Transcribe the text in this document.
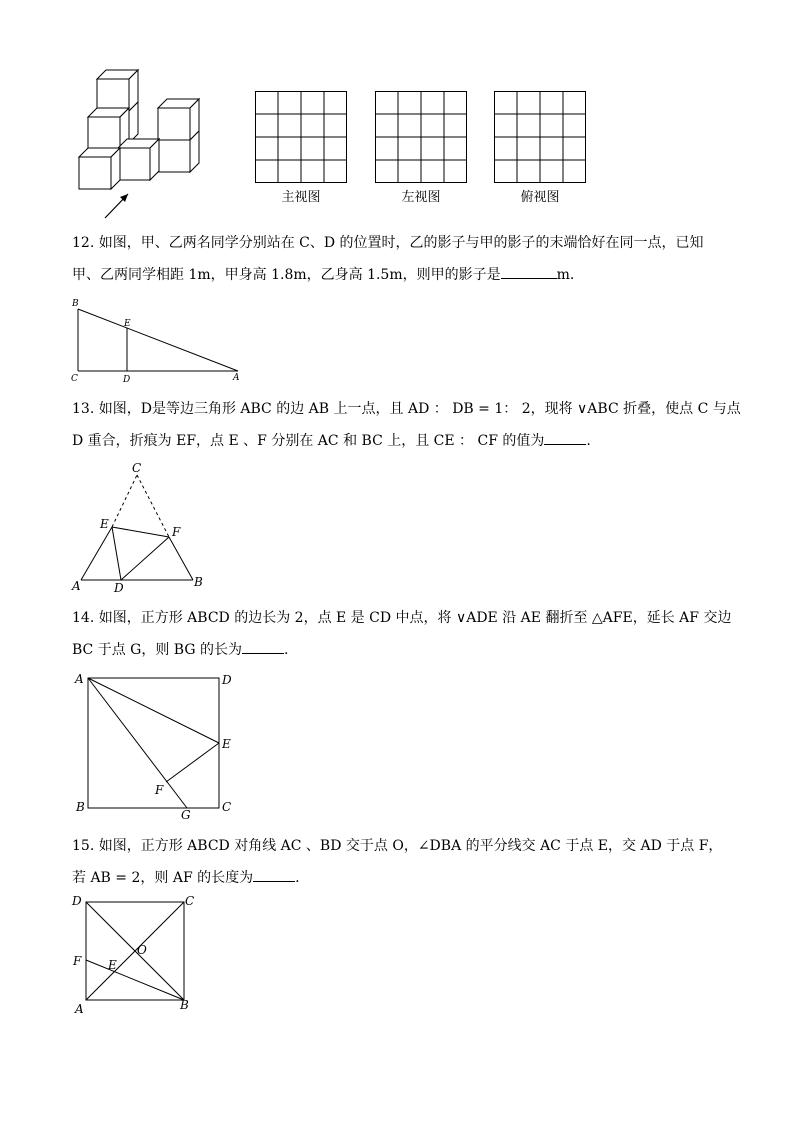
主视图	左视图	俯视图
12. 如图，甲、乙两名同学分别站在 C、D 的位置时，乙的影子与甲的影子的末端恰好在同一点，已知
甲、乙两同学相距 1m，甲身高 1.8m，乙身高 1.5m，则甲的影子是	m.
B
E
C	D	A
13. 如图，D是等边三角形 ABC 的边 AB 上一点，且 AD ： DB = 1： 2，现将 ∨ABC 折叠，使点 C 与点
D 重合，折痕为 EF，点 E 、F 分别在 AC 和 BC 上，且 CE ： CF 的值为	.
C
E
F
A	D	B
14. 如图，正方形 ABCD 的边长为 2，点 E 是 CD 中点，将 ∨ADE 沿 AE 翻折至 △AFE，延长 AF 交边
BC 于点 G，则 BG 的长为	.
A	D
E
F
B
G
C
15. 如图，正方形 ABCD 对角线 AC 、BD 交于点 O，∠DBA 的平分线交 AC 于点 E，交 AD 于点 F，
若 AB = 2，则 AF 的长度为	.
D	C
O
F E
A	B
